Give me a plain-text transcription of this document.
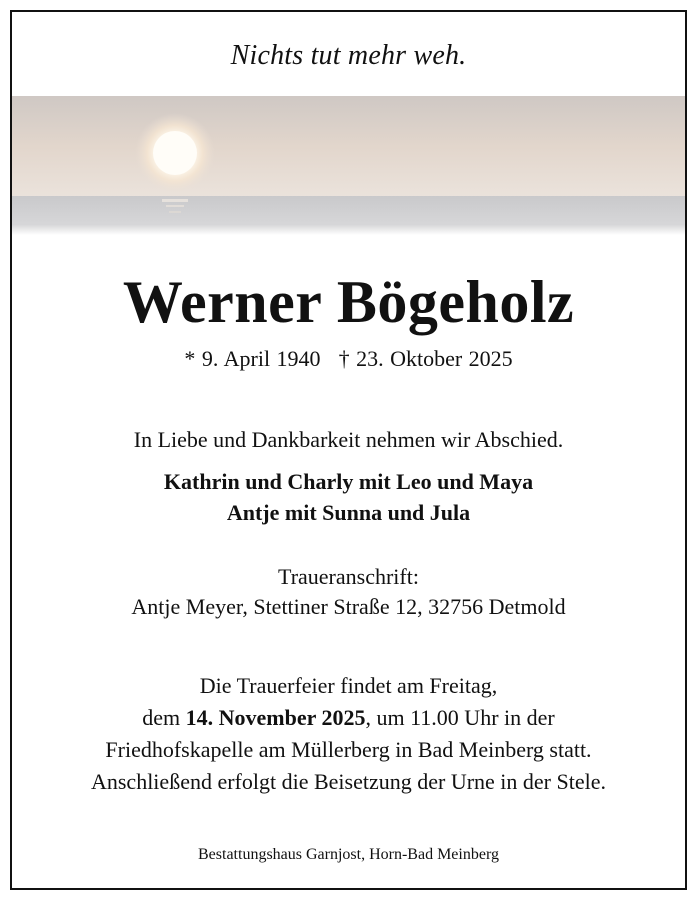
Nichts tut mehr weh.
Werner Bögeholz
* 9. April 1940 † 23. Oktober 2025
In Liebe und Dankbarkeit nehmen wir Abschied.
Kathrin und Charly mit Leo und Maya
Antje mit Sunna und Jula
Traueranschrift:
Antje Meyer, Stettiner Straße 12, 32756 Detmold
Die Trauerfeier findet am Freitag,
dem 14. November 2025, um 11.00 Uhr in der
Friedhofskapelle am Müllerberg in Bad Meinberg statt.
Anschließend erfolgt die Beisetzung der Urne in der Stele.
Bestattungshaus Garnjost, Horn-Bad Meinberg
